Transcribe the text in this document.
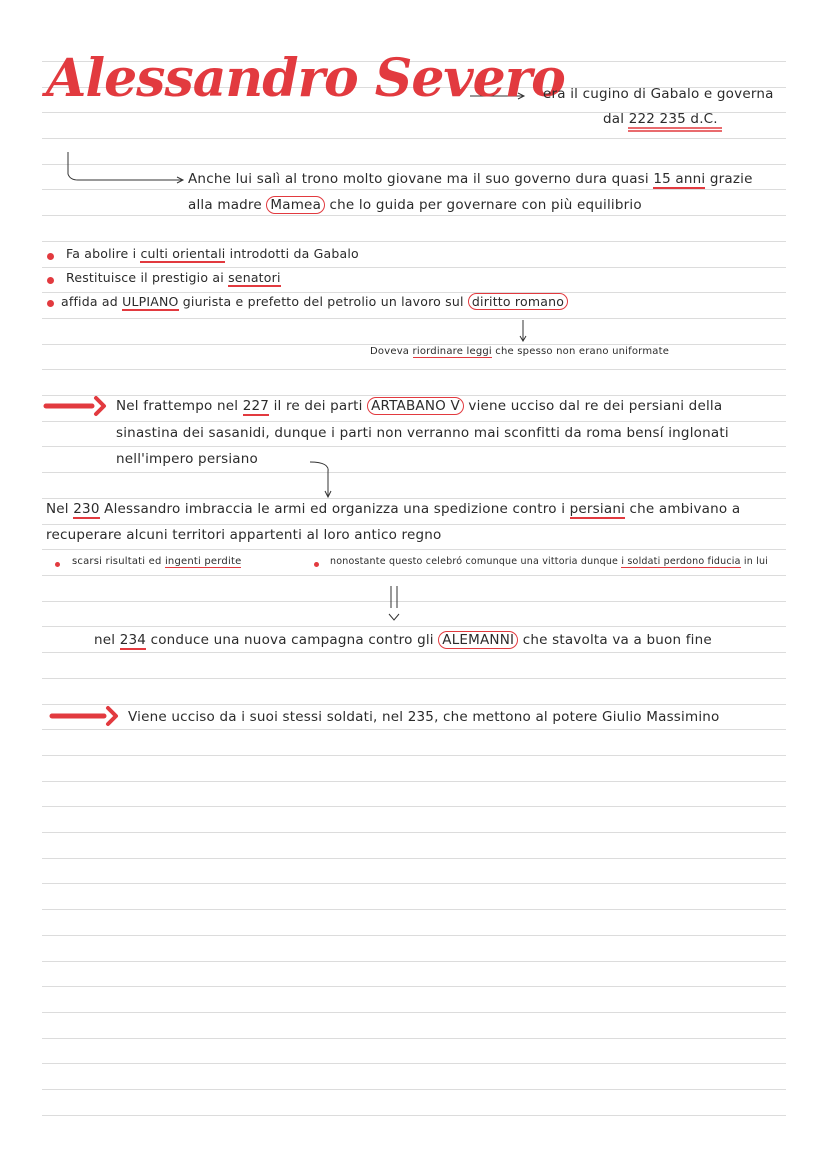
Alessandro Severo
era il cugino di Gabalo e governa
dal 222 235 d.C.
Anche lui salì al trono molto giovane ma il suo governo dura quasi 15 anni grazie
alla madre Mamea che lo guida per governare con più equilibrio
Fa abolire i culti orientali introdotti da Gabalo
Restituisce il prestigio ai senatori
affida ad ULPIANO giurista e prefetto del petrolio un lavoro sul diritto romano
Doveva riordinare leggi che spesso non erano uniformate
Nel frattempo nel 227 il re dei parti ARTABANO V viene ucciso dal re dei persiani della
sinastina dei sasanidi, dunque i parti non verranno mai sconfitti da roma bensí inglonati
nell'impero persiano
Nel 230 Alessandro imbraccia le armi ed organizza una spedizione contro i persiani che ambivano a
recuperare alcuni territori appartenti al loro antico regno
scarsi risultati ed ingenti perdite	nonostante questo celebró comunque una vittoria dunque i soldati perdono fiducia in lui
nel 234 conduce una nuova campagna contro gli ALEMANNI che stavolta va a buon fine
Viene ucciso da i suoi stessi soldati, nel 235, che mettono al potere Giulio Massimino
